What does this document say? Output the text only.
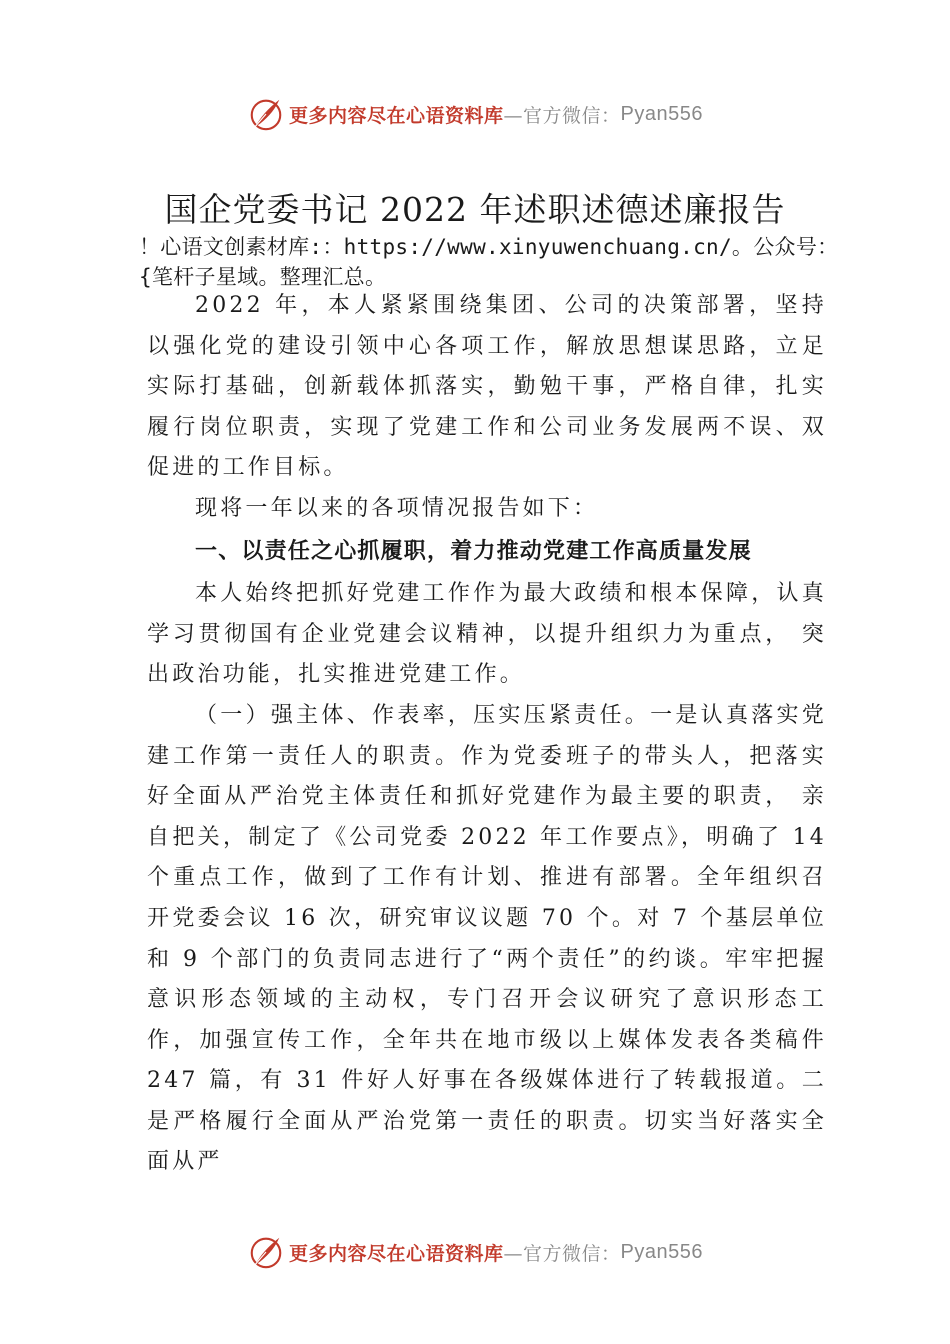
更多内容尽在心语资料库 —官方微信： Pyan556
国企党委书记 2022 年述职述德述廉报告
！心语文创素材库:：https://www.xinyuwenchuang.cn/。公众号：{笔杆子星域。整理汇总。

2022 年，本人紧紧围绕集团、公司的决策部署，坚持以强化党的建设引领中心各项工作，解放思想谋思路，立足实际打基础，创新载体抓落实，勤勉干事，严格自律，扎实履行岗位职责，实现了党建工作和公司业务发展两不误、双促进的工作目标。

现将一年以来的各项情况报告如下：

一、以责任之心抓履职，着力推动党建工作高质量发展

本人始终把抓好党建工作作为最大政绩和根本保障，认真学习贯彻国有企业党建会议精神，以提升组织力为重点， 突出政治功能，扎实推进党建工作。

（一）强主体、作表率，压实压紧责任。一是认真落实党建工作第一责任人的职责。作为党委班子的带头人，把落实好全面从严治党主体责任和抓好党建作为最主要的职责， 亲自把关，制定了《公司党委 2022 年工作要点》，明确了 14 个重点工作，做到了工作有计划、推进有部署。全年组织召开党委会议 16 次，研究审议议题 70 个。对 7 个基层单位和 9 个部门的负责同志进行了“两个责任”的约谈。牢牢把握意识形态领域的主动权，专门召开会议研究了意识形态工作，加强宣传工作，全年共在地市级以上媒体发表各类稿件 247 篇，有 31 件好人好事在各级媒体进行了转载报道。二是严格履行全面从严治党第一责任的职责。切实当好落实全面从严

更多内容尽在心语资料库 —官方微信： Pyan556
